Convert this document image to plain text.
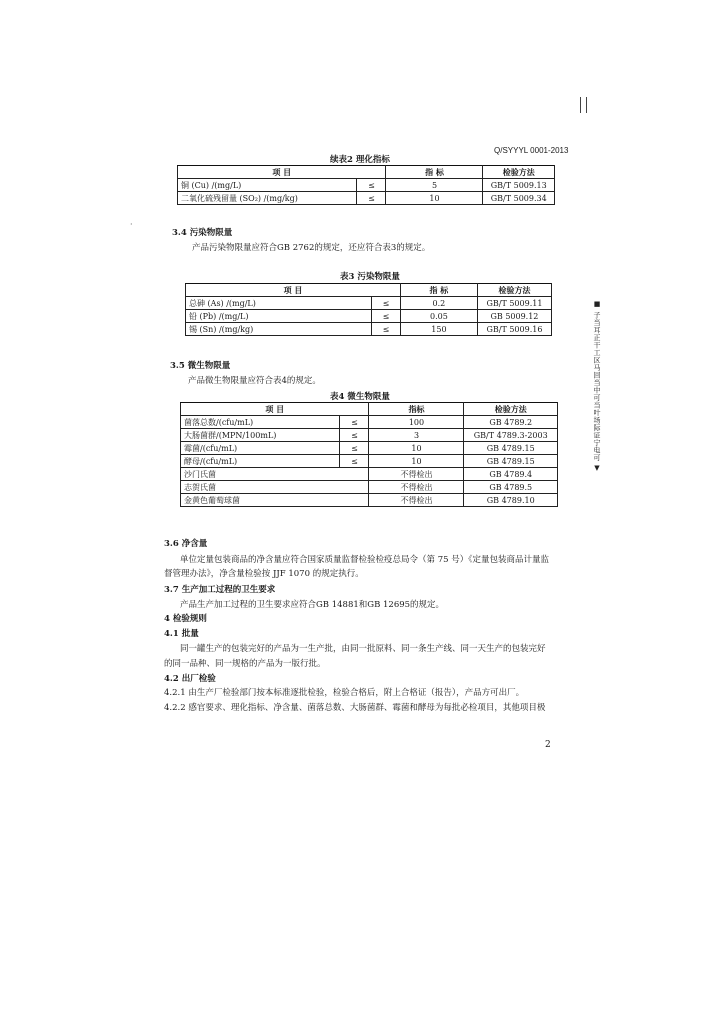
Q/SYYYL 0001-2013
·
■ 子当耳正干工区马回当中可当叶场际证宁电可 ▼
续表2 理化指标
项 目		指 标	检验方法
铜 (Cu) /(mg/L)	≤	5	GB/T 5009.13
二氧化硫残留量 (SO₂) /(mg/kg)	≤	10	GB/T 5009.34
3.4 污染物限量
产品污染物限量应符合GB 2762的规定，还应符合表3的规定。
表3 污染物限量
项 目		指 标	检验方法
总砷 (As) /(mg/L)	≤	0.2	GB/T 5009.11
铅 (Pb) /(mg/L)	≤	0.05	GB 5009.12
锡 (Sn) /(mg/kg)	≤	150	GB/T 5009.16
3.5 微生物限量
产品微生物限量应符合表4的规定。
表4 微生物限量
项 目		指标	检验方法
菌落总数/(cfu/mL)	≤	100	GB 4789.2
大肠菌群/(MPN/100mL)	≤	3	GB/T 4789.3-2003
霉菌/(cfu/mL)	≤	10	GB 4789.15
酵母/(cfu/mL)	≤	10	GB 4789.15
沙门氏菌		不得检出	GB 4789.4
志贺氏菌		不得检出	GB 4789.5
金黄色葡萄球菌		不得检出	GB 4789.10
3.6 净含量
单位定量包装商品的净含量应符合国家质量监督检验检疫总局令（第 75 号）《定量包装商品计量监
督管理办法》，净含量检验按 JJF 1070 的规定执行。
3.7 生产加工过程的卫生要求
产品生产加工过程的卫生要求应符合GB 14881和GB 12695的规定。
4 检验规则
4.1 批量
同一罐生产的包装完好的产品为一生产批，由同一批原料、同一条生产线、同一天生产的包装完好
的同一品种、同一规格的产品为一版行批。
4.2 出厂检验
4.2.1 由生产厂检验部门按本标准逐批检验，检验合格后，附上合格证（报告），产品方可出厂。
4.2.2 感官要求、理化指标、净含量、菌落总数、大肠菌群、霉菌和酵母为每批必检项目，其他项目极
2
